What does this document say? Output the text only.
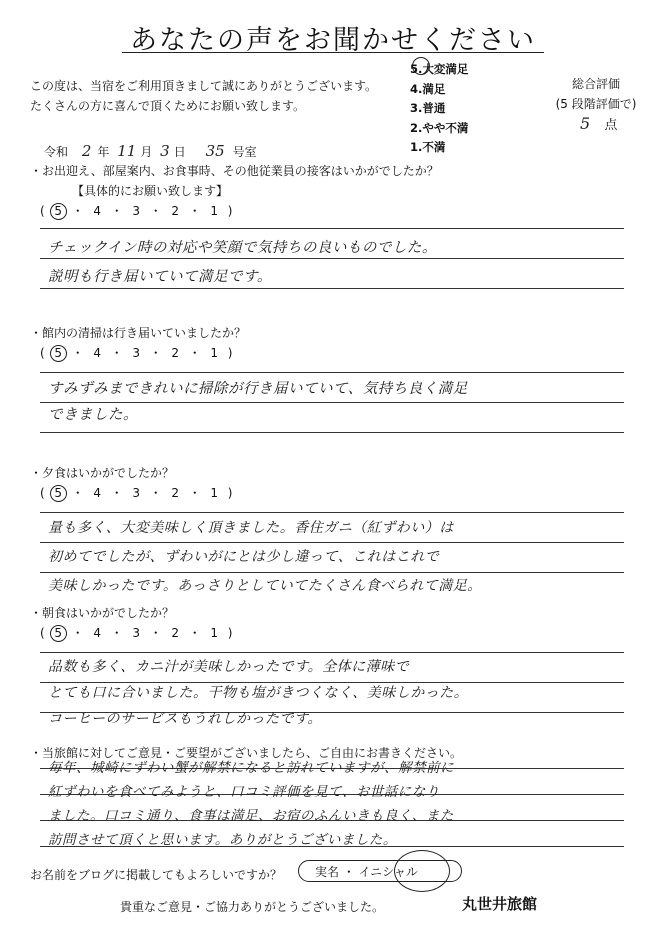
あなたの声をお聞かせください
この度は、当宿をご利用頂きまして誠にありがとうございます。
たくさんの方に喜んで頂くためにお願い致します。
5.大変満足
4.満足
3.普通
2.やや不満
1.不満
総合評価
(5 段階評価で)
5 点
令和 2 年 11 月 3 日 35 号室
・お出迎え、部屋案内、お食事時、その他従業員の接客はいかがでしたか？
【具体的にお願い致します】
( 5 ・ 4 ・ 3 ・ 2 ・ 1 )
チェックイン時の対応や笑顔で気持ちの良いものでした。
説明も行き届いていて満足です。
・館内の清掃は行き届いていましたか？
( 5 ・ 4 ・ 3 ・ 2 ・ 1 )
すみずみまできれいに掃除が行き届いていて、気持ち良く満足
できました。
・夕食はいかがでしたか？
( 5 ・ 4 ・ 3 ・ 2 ・ 1 )
量も多く、大変美味しく頂きました。香住ガニ（紅ずわい）は
初めてでしたが、ずわいがにとは少し違って、これはこれで
美味しかったです。あっさりとしていてたくさん食べられて満足。
・朝食はいかがでしたか？
( 5 ・ 4 ・ 3 ・ 2 ・ 1 )
品数も多く、カニ汁が美味しかったです。全体に薄味で
とても口に合いました。干物も塩がきつくなく、美味しかった。
コーヒーのサービスもうれしかったです。
・当旅館に対してご意見・ご要望がございましたら、ご自由にお書きください。
毎年、城崎にずわい蟹が解禁になると訪れていますが、解禁前に
紅ずわいを食べてみようと、口コミ評価を見て、お世話になり
ました。口コミ通り、食事は満足、お宿のふんいきも良く、また
訪問させて頂くと思います。ありがとうございました。
お名前をブログに掲載してもよろしいですか？	実名 ・ イニシャル
貴重なご意見・ご協力ありがとうございました。	丸世井旅館
